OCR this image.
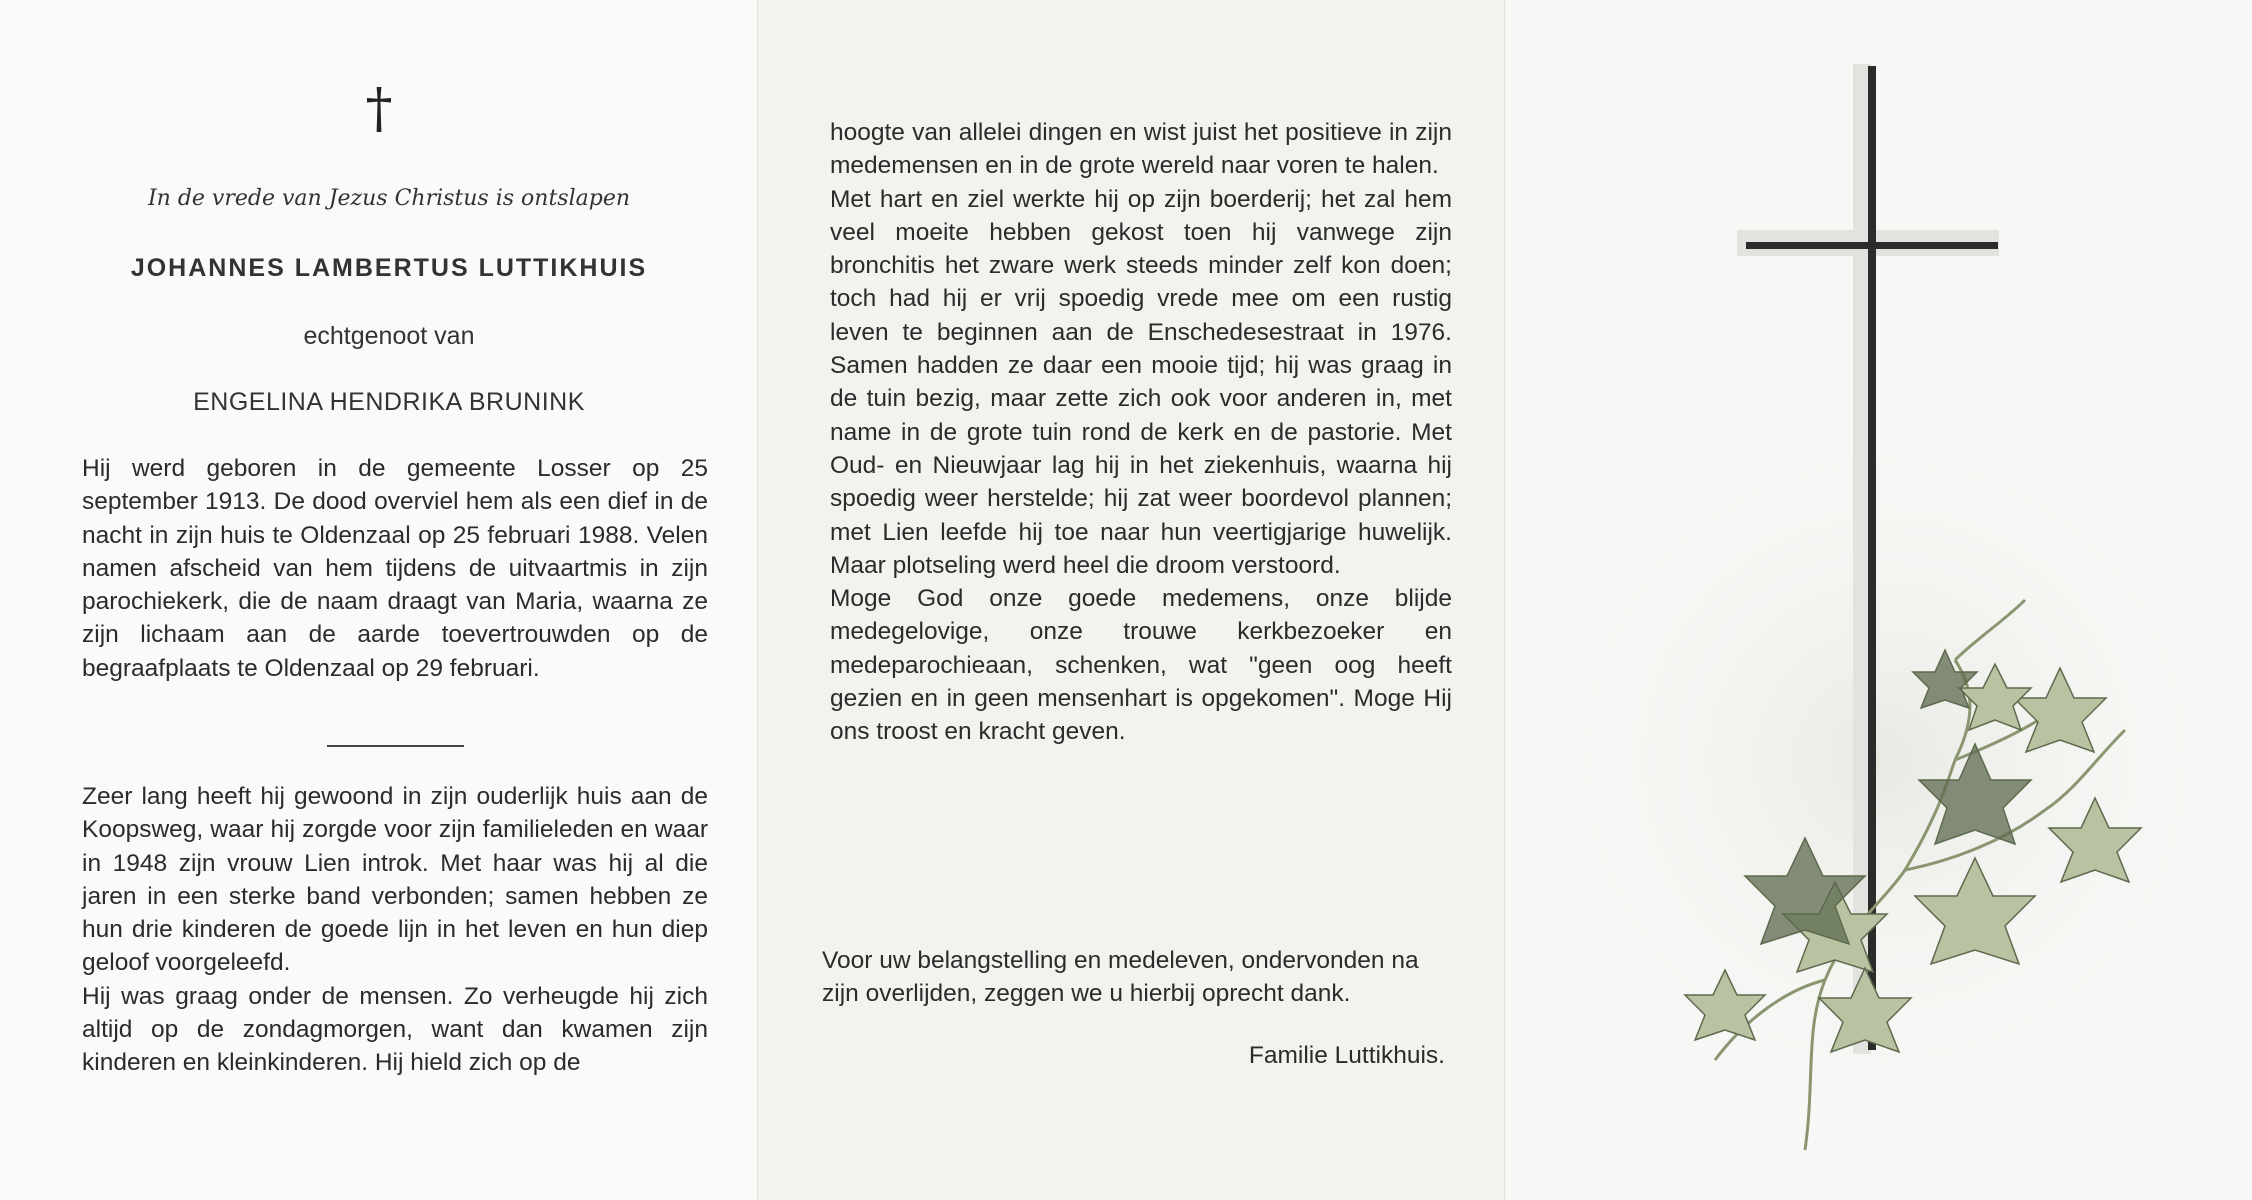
†
In de vrede van Jezus Christus is ontslapen
JOHANNES LAMBERTUS LUTTIKHUIS
echtgenoot van
ENGELINA HENDRIKA BRUNINK

Hij werd geboren in de gemeente Losser op 25 september 1913. De dood overviel hem als een dief in de nacht in zijn huis te Oldenzaal op 25 februari 1988. Velen namen afscheid van hem tijdens de uitvaartmis in zijn parochiekerk, die de naam draagt van Maria, waarna ze zijn lichaam aan de aarde toevertrouwden op de begraafplaats te Oldenzaal op 29 februari.

Zeer lang heeft hij gewoond in zijn ouderlijk huis aan de Koopsweg, waar hij zorgde voor zijn familieleden en waar in 1948 zijn vrouw Lien introk. Met haar was hij al die jaren in een sterke band verbonden; samen hebben ze hun drie kinderen de goede lijn in het leven en hun diep geloof voorgeleefd.

Hij was graag onder de mensen. Zo verheugde hij zich altijd op de zondagmorgen, want dan kwamen zijn kinderen en kleinkinderen. Hij hield zich op de

hoogte van allelei dingen en wist juist het positieve in zijn medemensen en in de grote wereld naar voren te halen.

Met hart en ziel werkte hij op zijn boerderij; het zal hem veel moeite hebben gekost toen hij vanwege zijn bronchitis het zware werk steeds minder zelf kon doen; toch had hij er vrij spoedig vrede mee om een rustig leven te beginnen aan de Enschedesestraat in 1976. Samen hadden ze daar een mooie tijd; hij was graag in de tuin bezig, maar zette zich ook voor anderen in, met name in de grote tuin rond de kerk en de pastorie. Met Oud- en Nieuwjaar lag hij in het ziekenhuis, waarna hij spoedig weer herstelde; hij zat weer boordevol plannen; met Lien leefde hij toe naar hun veertigjarige huwelijk. Maar plotseling werd heel die droom verstoord.

Moge God onze goede medemens, onze blijde medegelovige, onze trouwe kerkbezoeker en medeparochieaan, schenken, wat "geen oog heeft gezien en in geen mensenhart is opgekomen". Moge Hij ons troost en kracht geven.

Voor uw belangstelling en medeleven, ondervonden na zijn overlijden, zeggen we u hierbij oprecht dank.
Familie Luttikhuis.
